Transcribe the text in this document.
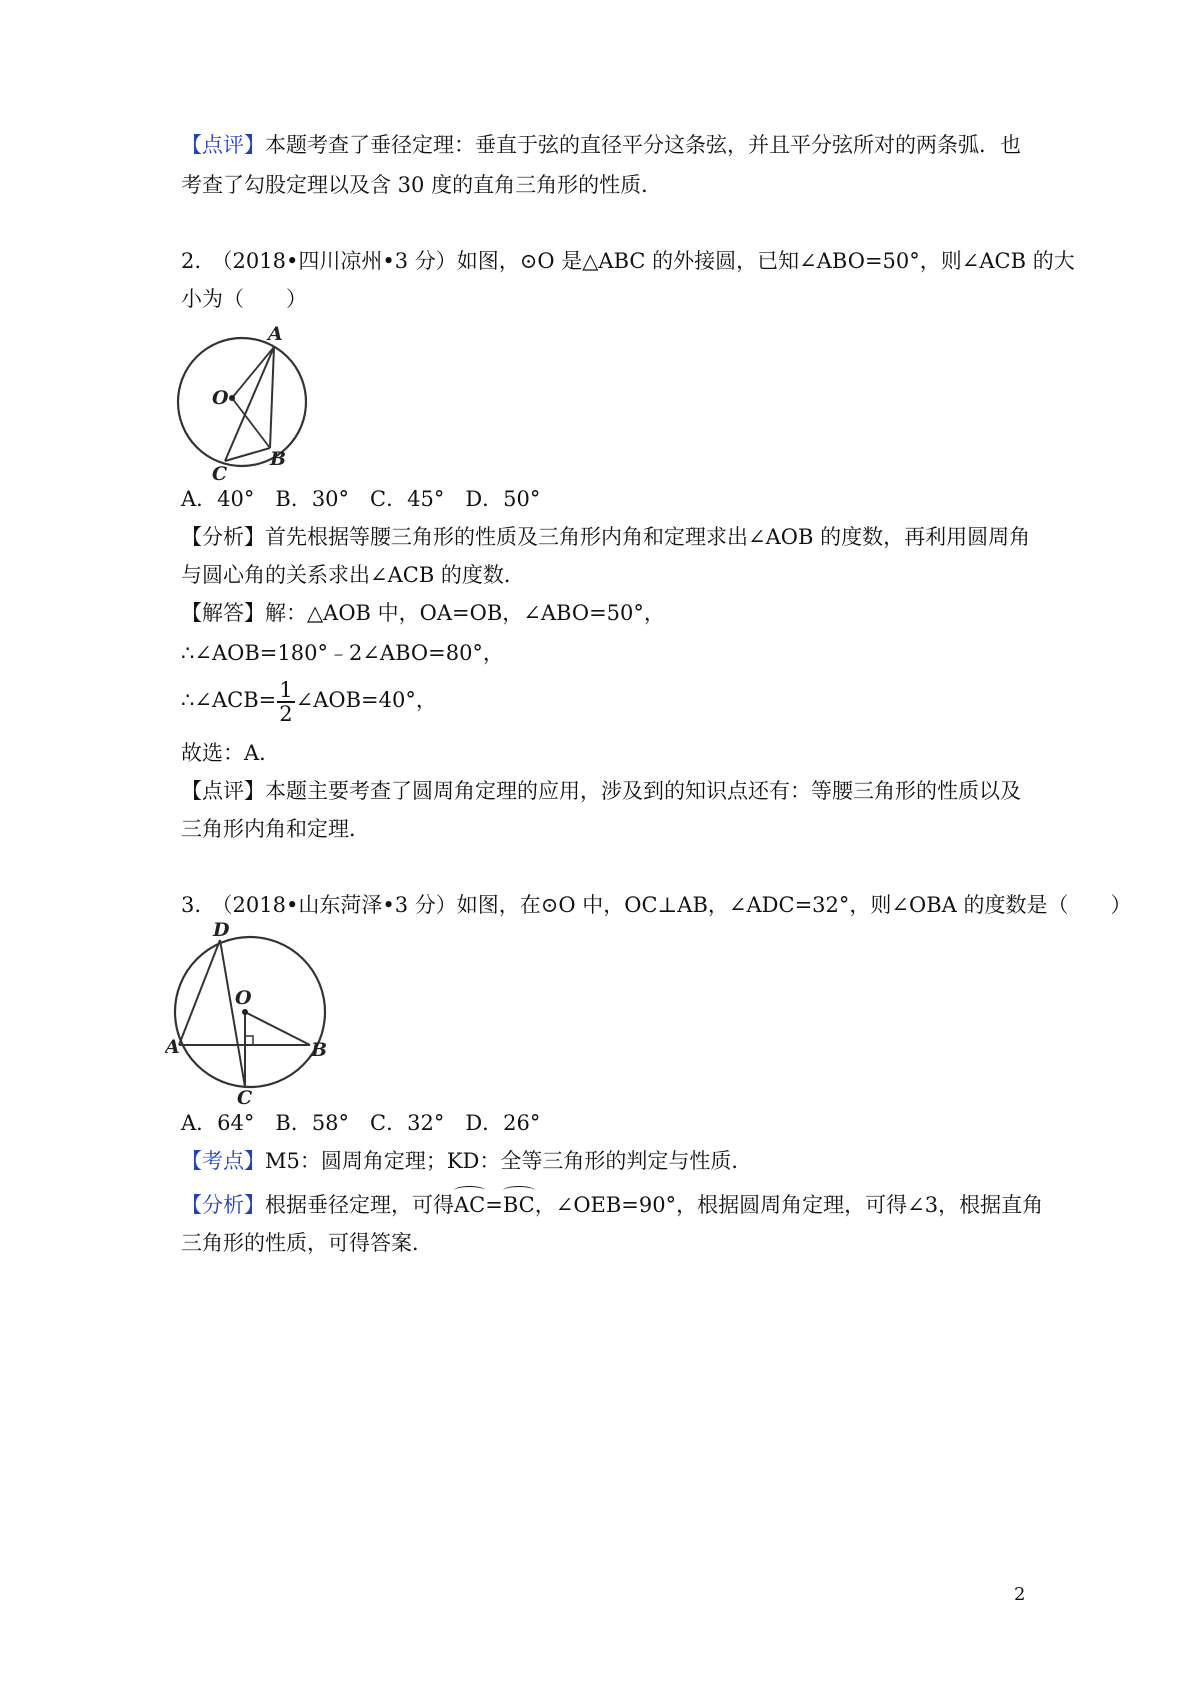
【点评】本题考查了垂径定理：垂直于弦的直径平分这条弦，并且平分弦所对的两条弧．也
考查了勾股定理以及含 30 度的直角三角形的性质．
2.　（2018•四川凉州•3 分）如图，⊙O 是△ABC 的外接圆，已知∠ABO=50°，则∠ACB 的大
小为（　　）
A
O
C
B
A．40°　B．30°　C．45°　D．50°
【分析】首先根据等腰三角形的性质及三角形内角和定理求出∠AOB 的度数，再利用圆周角
与圆心角的关系求出∠ACB 的度数．
【解答】解：△AOB 中，OA=OB，∠ABO=50°，
∴∠AOB=180°﹣2∠ABO=80°，
∴∠ACB= $\frac{1}{2}$ ∠AOB=40°，
故选：A．
【点评】本题主要考查了圆周角定理的应用，涉及到的知识点还有：等腰三角形的性质以及
三角形内角和定理．
3.　（2018•山东菏泽•3 分）如图，在⊙O 中，OC⊥AB，∠ADC=32°，则∠OBA 的度数是（　　）
D
O
A	B
C
A．64°　B．58°　C．32°　D．26°
【考点】M5：圆周角定理；KD：全等三角形的判定与性质．
【分析】根据垂径定理，可得AC=BC，∠OEB=90°，根据圆周角定理，可得∠3，根据直角
三角形的性质，可得答案．
2
